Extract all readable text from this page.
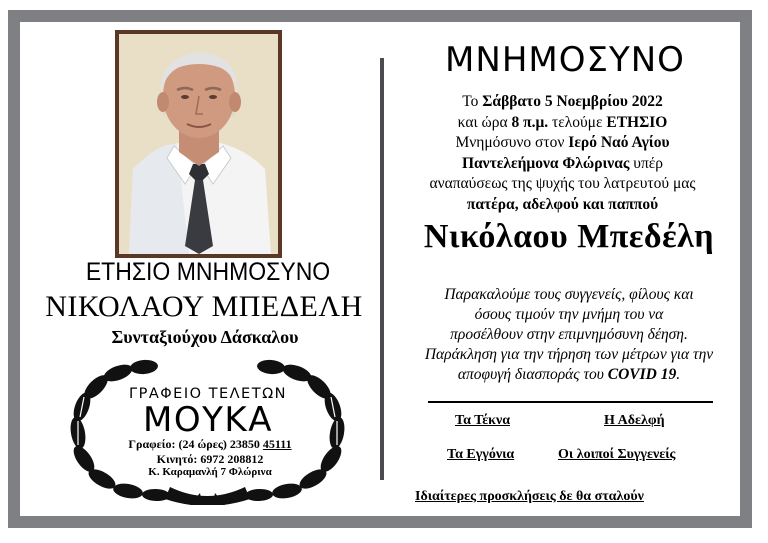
ΕΤΗΣΙΟ ΜΝΗΜΟΣΥΝΟ
ΝΙΚΟΛΑΟΥ ΜΠΕΔΕΛΗ
Συνταξιούχου Δάσκαλου
ΓΡΑΦΕΙΟ ΤΕΛΕΤΩΝ
ΜΟΥΚΑ
Γραφείο: (24 ώρες) 23850 45111
Κινητό: 6972 208812
Κ. Καραμανλή 7 Φλώρινα
ΜΝΗΜΟΣΥΝΟ
Το Σάββατο 5 Νοεμβρίου 2022
και ώρα 8 π.μ. τελούμε ΕΤΗΣΙΟ
Μνημόσυνο στον Ιερό Ναό Αγίου
Παντελεήμονα Φλώρινας υπέρ
αναπαύσεως της ψυχής του λατρευτού μας
πατέρα, αδελφού και παππού
Νικόλαου Μπεδέλη
Παρακαλούμε τους συγγενείς, φίλους και
όσους τιμούν την μνήμη του να
προσέλθουν στην επιμνημόσυνη δέηση.
Παράκληση για την τήρηση των μέτρων για την
αποφυγή διασποράς του COVID 19.
Τα Τέκνα	Η Αδελφή
Τα Εγγόνια	Οι λοιποί Συγγενείς
Ιδιαίτερες προσκλήσεις δε θα σταλούν
